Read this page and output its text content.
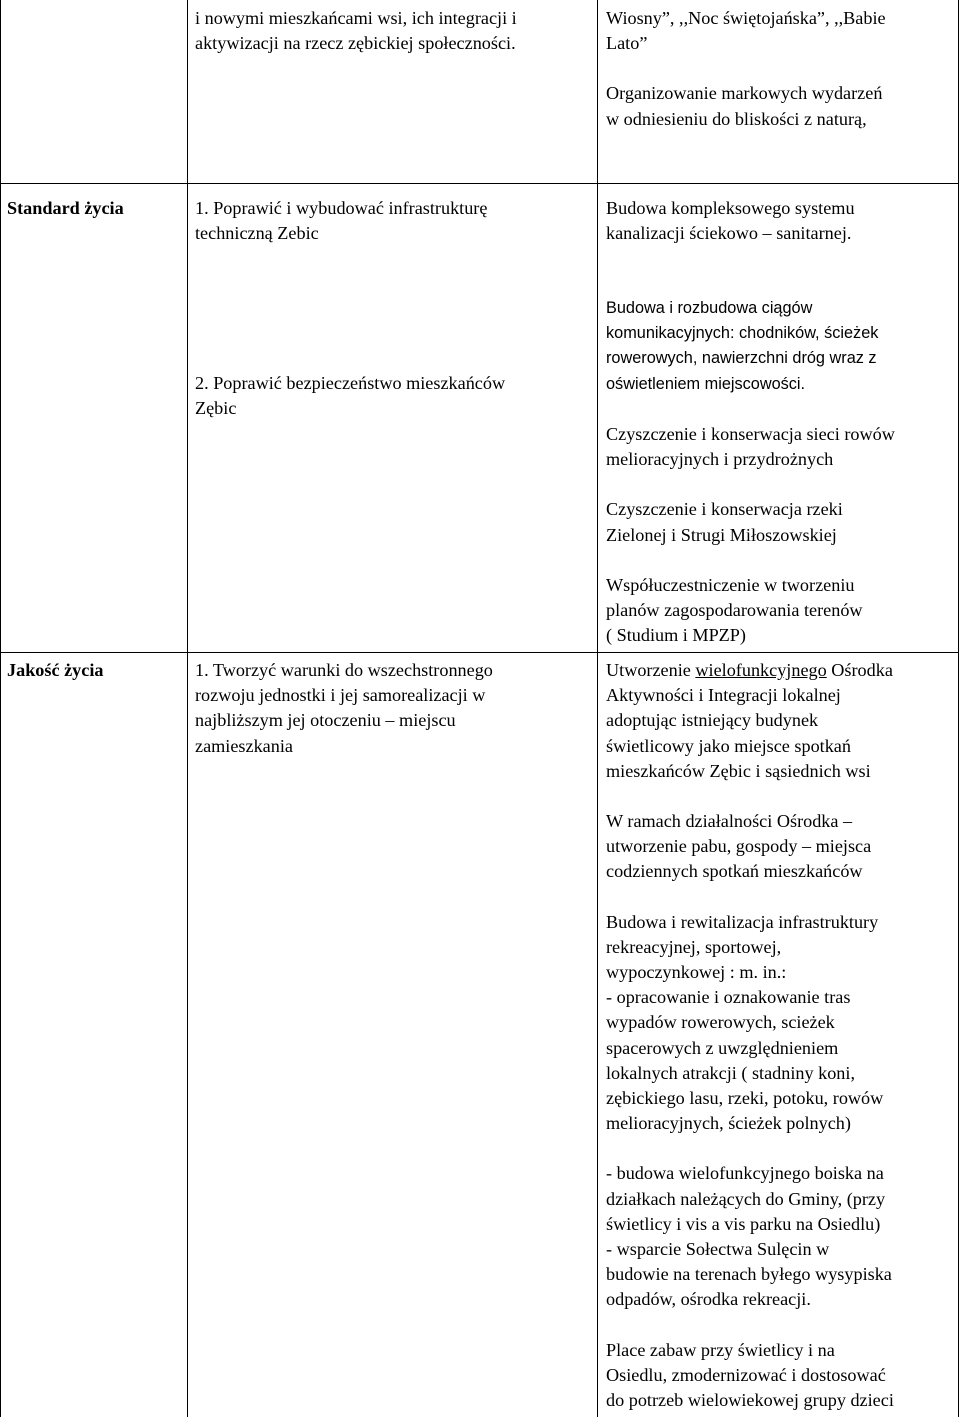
i nowymi mieszkańcami wsi, ich integracji i
aktywizacji na rzecz zębickiej społeczności.
Wiosny”, ,,Noc świętojańska”, ,,Babie
Lato”
Organizowanie markowych wydarzeń
w odniesieniu do bliskości z naturą,
Standard życia	1. Poprawić i wybudować infrastrukturę
techniczną Zebic
Budowa kompleksowego systemu
kanalizacji ściekowo – sanitarnej.
2. Poprawić bezpieczeństwo mieszkańców
Zębic
Budowa i rozbudowa ciągów
komunikacyjnych: chodników, ścieżek
rowerowych, nawierzchni dróg wraz z
oświetleniem miejscowości.
Czyszczenie i konserwacja sieci rowów
melioracyjnych i przydrożnych
Czyszczenie i konserwacja rzeki
Zielonej i Strugi Miłoszowskiej
Współuczestniczenie w tworzeniu
planów zagospodarowania terenów
( Studium i MPZP)
Jakość życia	1. Tworzyć warunki do wszechstronnego
rozwoju jednostki i jej samorealizacji w
najbliższym jej otoczeniu – miejscu
zamieszkania
Utworzenie wielofunkcyjnego Ośrodka
Aktywności i Integracji lokalnej
adoptując istniejący budynek
świetlicowy jako miejsce spotkań
mieszkańców Zębic i sąsiednich wsi
W ramach działalności Ośrodka –
utworzenie pabu, gospody – miejsca
codziennych spotkań mieszkańców
Budowa i rewitalizacja infrastruktury
rekreacyjnej, sportowej,
wypoczynkowej : m. in.:
- opracowanie i oznakowanie tras
wypadów rowerowych, scieżek
spacerowych z uwzględnieniem
lokalnych atrakcji ( stadniny koni,
zębickiego lasu, rzeki, potoku, rowów
melioracyjnych, ścieżek polnych)
- budowa wielofunkcyjnego boiska na
działkach należących do Gminy, (przy
świetlicy i vis a vis parku na Osiedlu)
- wsparcie Sołectwa Sulęcin w
budowie na terenach byłego wysypiska
odpadów, ośrodka rekreacji.
Place zabaw przy świetlicy i na
Osiedlu, zmodernizować i dostosować
do potrzeb wielowiekowej grupy dzieci
